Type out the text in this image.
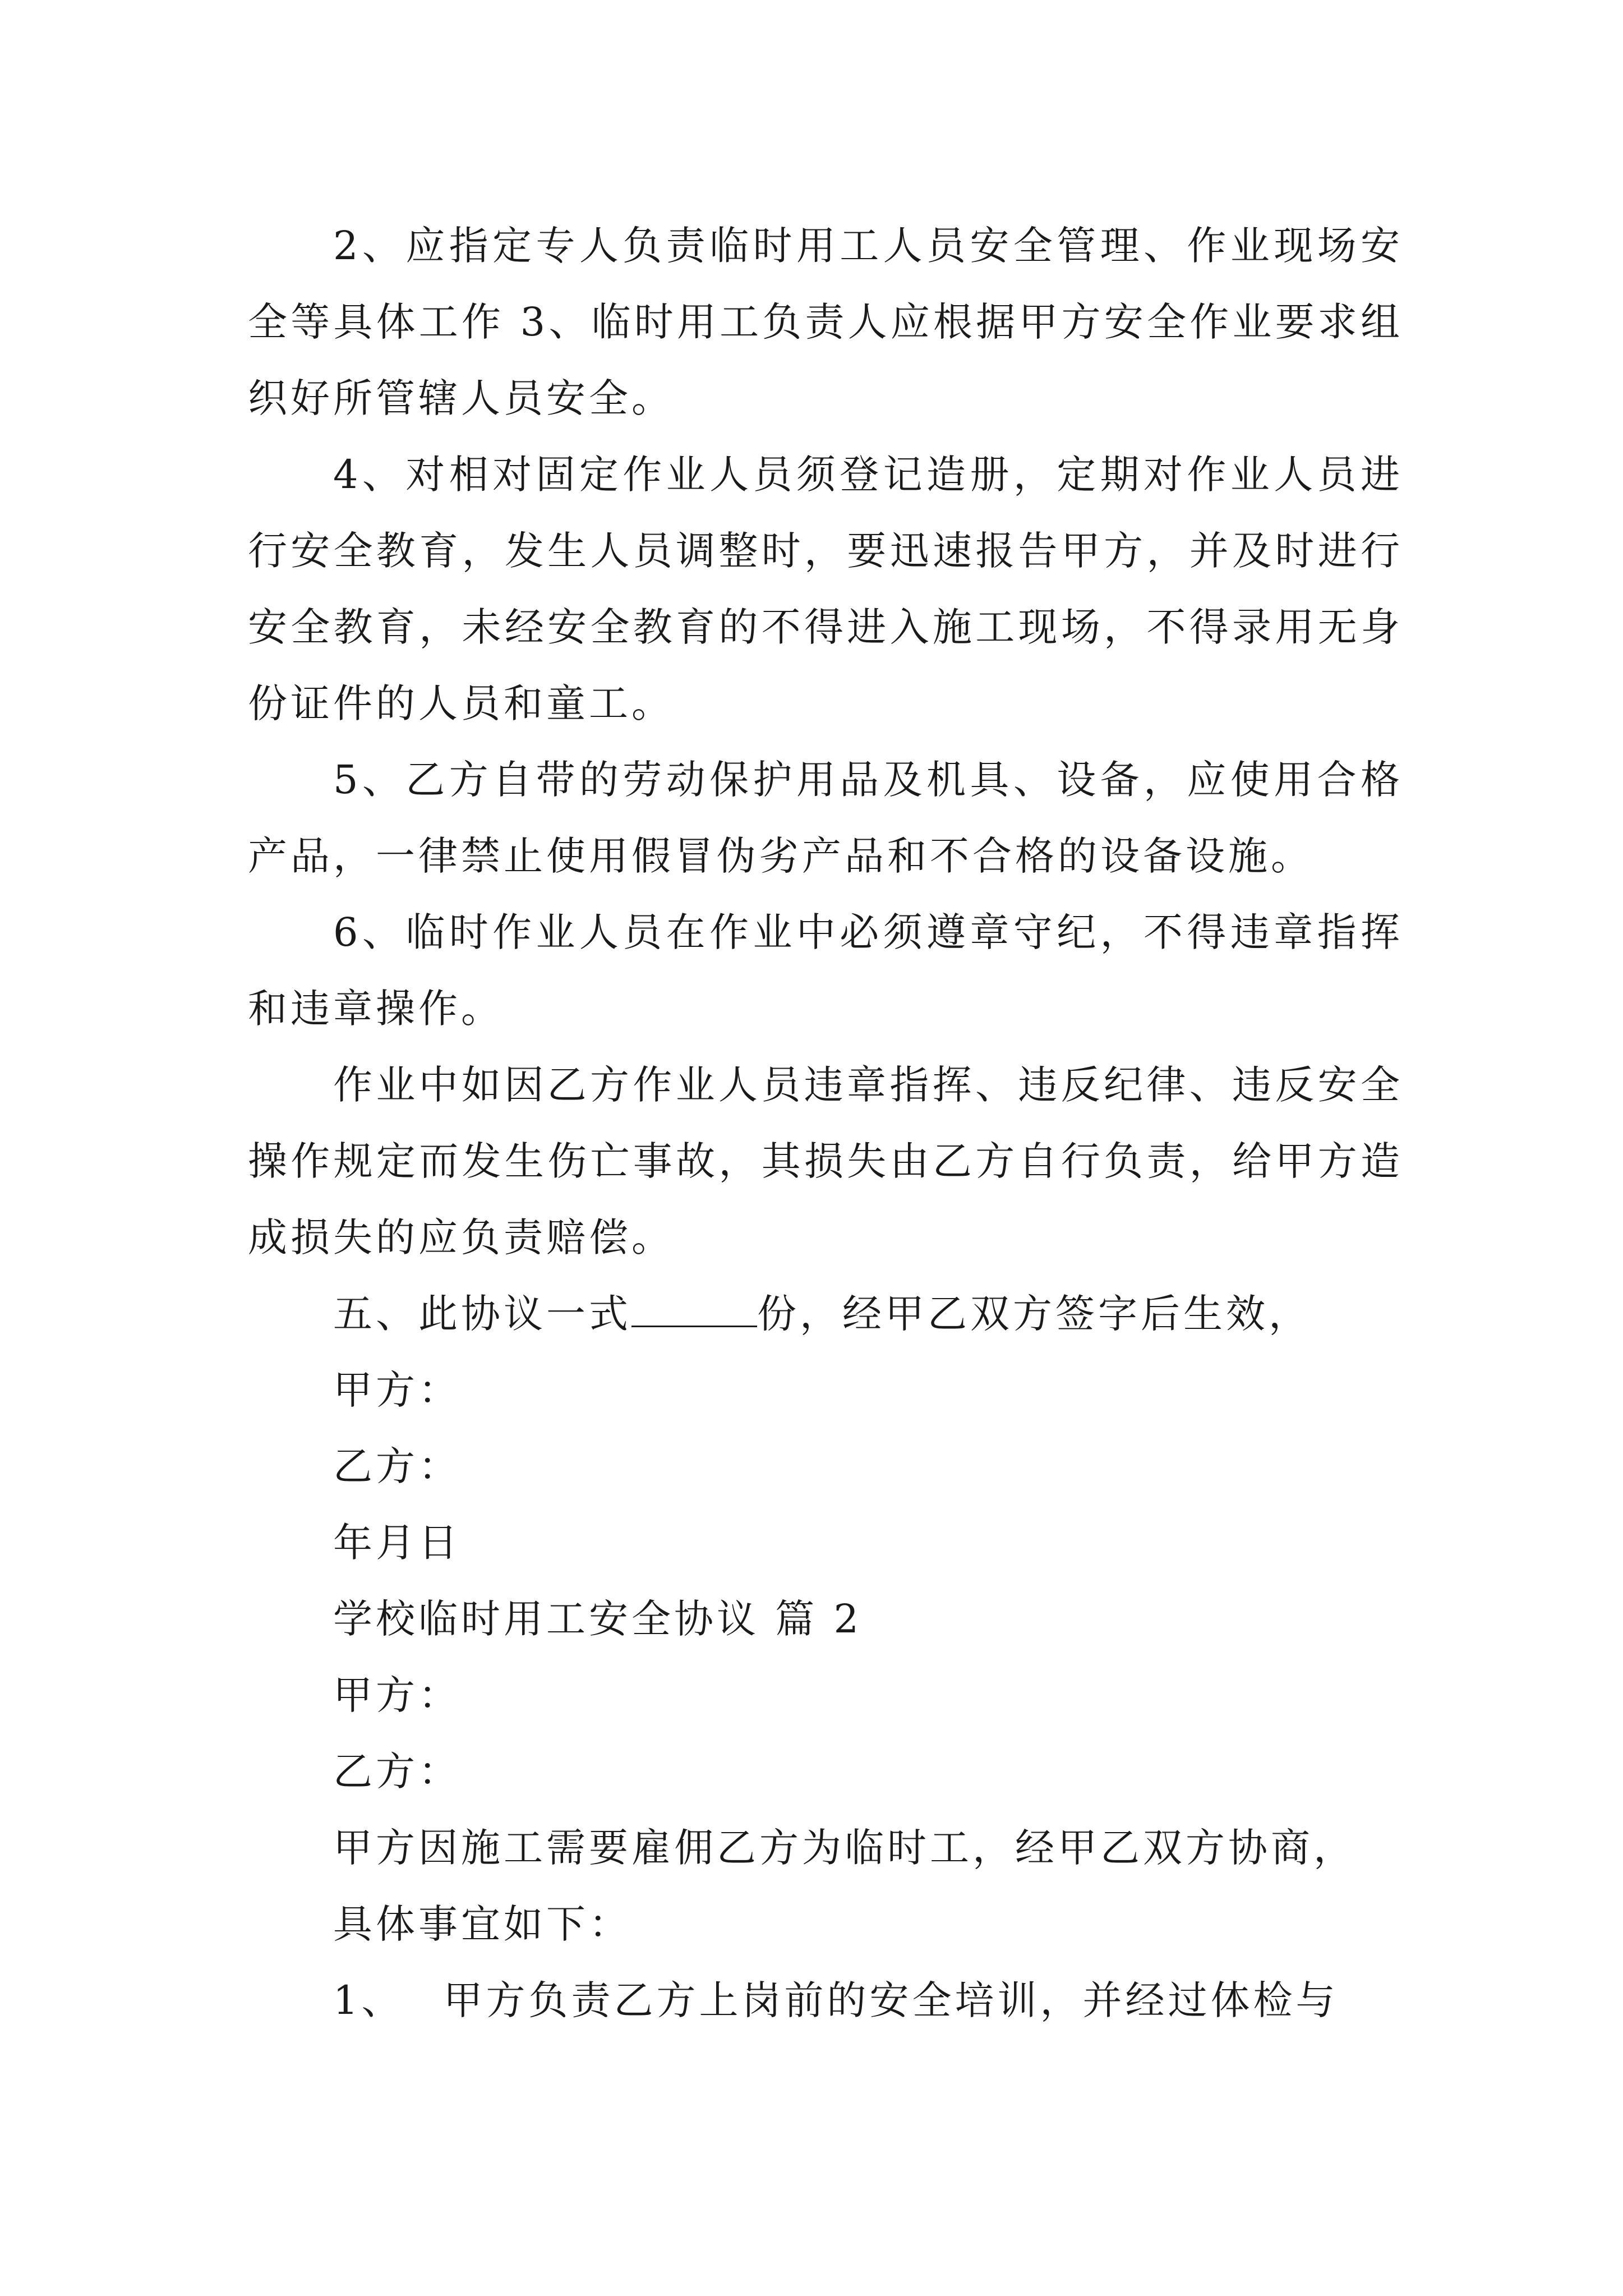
2、应指定专人负责临时用工人员安全管理、作业现场安全等具体工作 3、临时用工负责人应根据甲方安全作业要求组织好所管辖人员安全。

4、对相对固定作业人员须登记造册，定期对作业人员进行安全教育，发生人员调整时，要迅速报告甲方，并及时进行安全教育，未经安全教育的不得进入施工现场，不得录用无身份证件的人员和童工。

5、乙方自带的劳动保护用品及机具、设备，应使用合格产品，一律禁止使用假冒伪劣产品和不合格的设备设施。

6、临时作业人员在作业中必须遵章守纪，不得违章指挥和违章操作。

作业中如因乙方作业人员违章指挥、违反纪律、违反安全操作规定而发生伤亡事故，其损失由乙方自行负责，给甲方造成损失的应负责赔偿。

五、此协议一式	份，经甲乙双方签字后生效，

甲方：

乙方：

年月日

学校临时用工安全协议 篇 2

甲方：

乙方：

甲方因施工需要雇佣乙方为临时工，经甲乙双方协商，

具体事宜如下：

1、 甲方负责乙方上岗前的安全培训，并经过体检与
